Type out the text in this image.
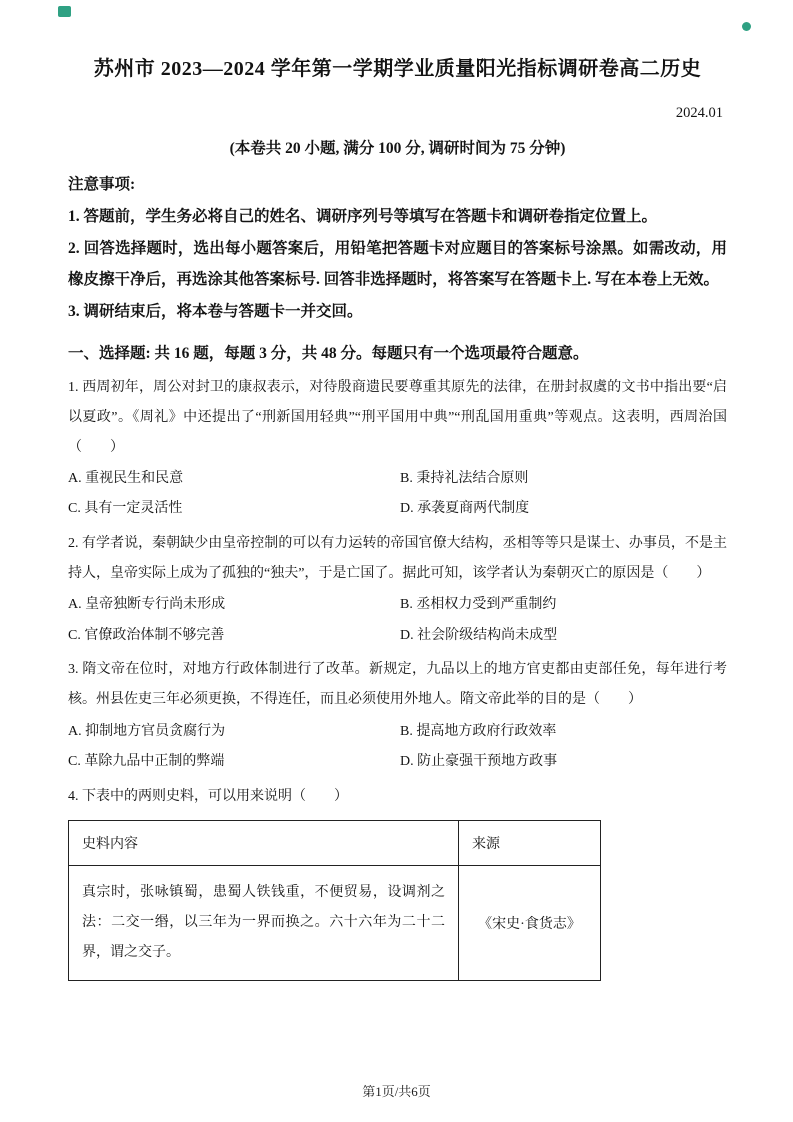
苏州市 2023—2024 学年第一学期学业质量阳光指标调研卷高二历史
2024.01
(本卷共 20 小题, 满分 100 分, 调研时间为 75 分钟)
注意事项:

1. 答题前，学生务必将自己的姓名、调研序列号等填写在答题卡和调研卷指定位置上。

2. 回答选择题时，选出每小题答案后，用铅笔把答题卡对应题目的答案标号涂黑。如需改动，用橡皮擦干净后，再选涂其他答案标号. 回答非选择题时，将答案写在答题卡上. 写在本卷上无效。

3. 调研结束后，将本卷与答题卡一并交回。

一、选择题: 共 16 题，每题 3 分，共 48 分。每题只有一个选项最符合题意。

1. 西周初年，周公对封卫的康叔表示，对待殷商遗民要尊重其原先的法律，在册封叔虞的文书中指出要“启以夏政”。《周礼》中还提出了“刑新国用轻典”“刑平国用中典”“刑乱国用重典”等观点。这表明，西周治国（　　）

A. 重视民生和民意	B. 秉持礼法结合原则
C. 具有一定灵活性	D. 承袭夏商两代制度

2. 有学者说，秦朝缺少由皇帝控制的可以有力运转的帝国官僚大结构，丞相等等只是谋士、办事员，不是主持人，皇帝实际上成为了孤独的“独夫”，于是亡国了。据此可知，该学者认为秦朝灭亡的原因是（　　）

A. 皇帝独断专行尚未形成	B. 丞相权力受到严重制约
C. 官僚政治体制不够完善	D. 社会阶级结构尚未成型

3. 隋文帝在位时，对地方行政体制进行了改革。新规定，九品以上的地方官吏都由吏部任免，每年进行考核。州县佐吏三年必须更换，不得连任，而且必须使用外地人。隋文帝此举的目的是（　　）

A. 抑制地方官员贪腐行为	B. 提高地方政府行政效率
C. 革除九品中正制的弊端	D. 防止豪强干预地方政事

4. 下表中的两则史料，可以用来说明（　　）

史料内容	来源
真宗时，张咏镇蜀，患蜀人铁钱重，不便贸易，设调剂之法：二交一缗，以三年为一界而换之。六十六年为二十二界，谓之交子。	《宋史·食货志》
第1页/共6页
